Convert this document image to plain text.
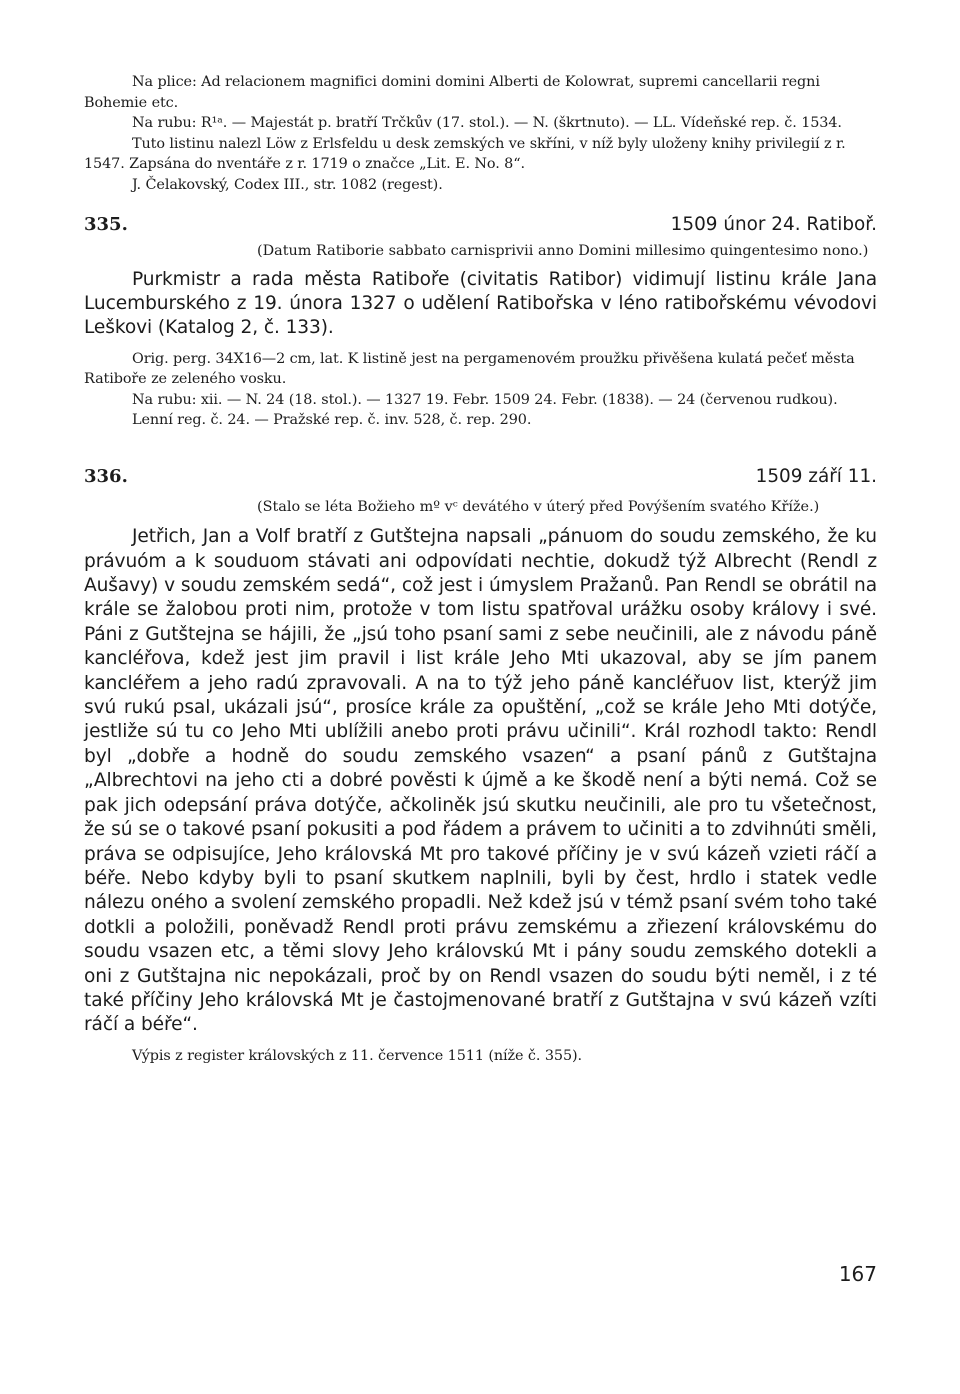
Na plice: Ad relacionem magnifici domini domini Alberti de Kolowrat, supremi cancellarii regni Bohemie etc.

Na rubu: R¹ᵃ. — Majestát p. bratří Trčkův (17. stol.). — N. (škrtnuto). — LL. Vídeňské rep. č. 1534.

Tuto listinu nalezl Löw z Erlsfeldu u desk zemských ve skříni, v níž byly uloženy knihy privilegií z r. 1547. Zapsána do nventáře z r. 1719 o značce „Lit. E. No. 8“.

J. Čelakovský, Codex III., str. 1082 (regest).

335.	1509 únor 24. Ratiboř.
(Datum Ratiborie sabbato carnisprivii anno Domini millesimo quingentesimo nono.)

Purkmistr a rada města Ratiboře (civitatis Ratibor) vidimují listinu krále Jana Lucemburského z 19. února 1327 o udělení Ratibořska v léno ratibořskému vévodovi Leškovi (Katalog 2, č. 133).

Orig. perg. 34X16—2 cm, lat. K listině jest na pergamenovém proužku přivěšena kulatá pečeť města Ratiboře ze zeleného vosku.

Na rubu: xii. — N. 24 (18. stol.). — 1327 19. Febr. 1509 24. Febr. (1838). — 24 (červenou rudkou).

Lenní reg. č. 24. — Pražské rep. č. inv. 528, č. rep. 290.

336.	1509 září 11.
(Stalo se léta Božieho mº vᶜ devátého v úterý před Povýšením svatého Kříže.)

Jetřich, Jan a Volf bratří z Gutštejna napsali „pánuom do soudu zemského, že ku právuóm a k souduom stávati ani odpovídati nechtie, dokudž týž Albrecht (Rendl z Aušavy) v soudu zemském sedá“, což jest i úmyslem Pražanů. Pan Rendl se obrátil na krále se žalobou proti nim, protože v tom listu spatřoval urážku osoby královy i své. Páni z Gutštejna se hájili, že „jsú toho psaní sami z sebe neučinili, ale z návodu páně kancléřova, kdež jest jim pravil i list krále Jeho Mti ukazoval, aby se jím panem kancléřem a jeho radú zpravovali. A na to týž jeho páně kancléřuov list, kterýž jim svú rukú psal, ukázali jsú“, prosíce krále za opuštění, „což se krále Jeho Mti dotýče, jestliže sú tu co Jeho Mti ublížili anebo proti právu učinili“. Král rozhodl takto: Rendl byl „dobře a hodně do soudu zemského vsazen“ a psaní pánů z Gutštajna „Albrechtovi na jeho cti a dobré pověsti k újmě a ke škodě není a býti nemá. Což se pak jich odepsání práva dotýče, ačkoliněk jsú skutku neučinili, ale pro tu všetečnost, že sú se o takové psaní pokusiti a pod řádem a právem to učiniti a to zdvihnúti směli, práva se odpisujíce, Jeho královská Mt pro takové příčiny je v svú kázeň vzieti ráčí a béře. Nebo kdyby byli to psaní skutkem naplnili, byli by čest, hrdlo i statek vedle nálezu oného a svolení zemského propadli. Než kdež jsú v témž psaní svém toho také dotkli a položili, poněvadž Rendl proti právu zemskému a zřiezení královskému do soudu vsazen etc, a těmi slovy Jeho královskú Mt i pány soudu zemského dotekli a oni z Gutštajna nic nepokázali, proč by on Rendl vsazen do soudu býti neměl, i z té také příčiny Jeho královská Mt je častojmenované bratří z Gutštajna v svú kázeň vzíti ráčí a béře“.

Výpis z register královských z 11. července 1511 (níže č. 355).

167
